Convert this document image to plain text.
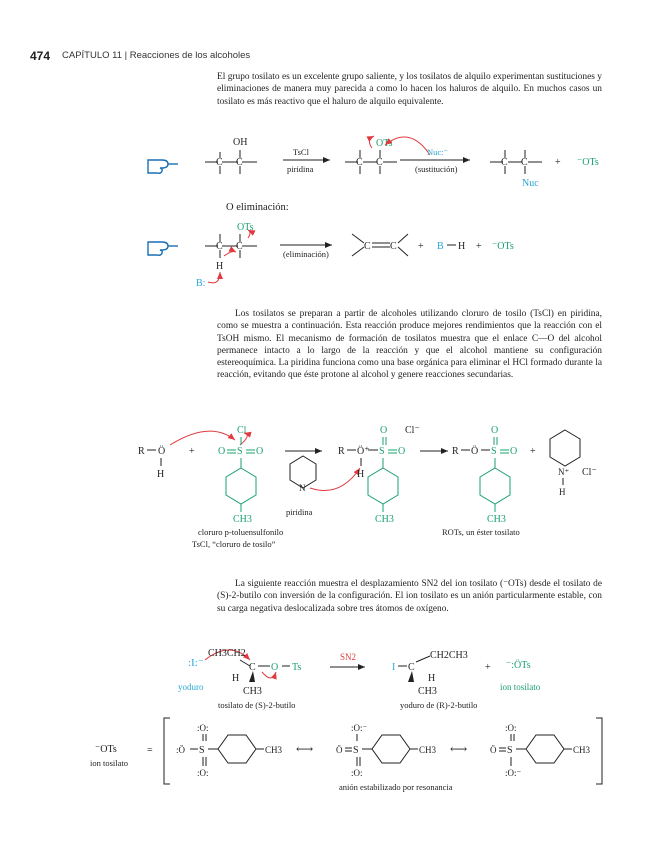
474 CAPÍTULO 11 | Reacciones de los alcoholes
El grupo tosilato es un excelente grupo saliente, y los tosilatos de alquilo experimentan sustituciones y eliminaciones de manera muy parecida a como lo hacen los haluros de alquilo. En muchos casos un tosilato es más reactivo que el haluro de alquilo equivalente.
Los tosilatos se preparan a partir de alcoholes utilizando cloruro de tosilo (TsCl) en piridina, como se muestra a continuación. Esta reacción produce mejores rendimientos que la reacción con el TsOH mismo. El mecanismo de formación de tosilatos muestra que el enlace C—O del alcohol permanece intacto a lo largo de la reacción y que el alcohol mantiene su configuración estereoquímica. La piridina funciona como una base orgánica para eliminar el HCl formado durante la reacción, evitando que éste protone al alcohol y genere reacciones secundarias.
La siguiente reacción muestra el desplazamiento SN2 del ion tosilato (⁻OTs) desde el tosilato de (S)-2-butilo con inversión de la configuración. El ion tosilato es un anión particularmente estable, con su carga negativa deslocalizada sobre tres átomos de oxígeno.
C C
OH
TsCl
piridina
C C
OTs
Nuc:⁻
(sustitución)
C C
Nuc
+ ⁻OTs
O eliminación:
C C
OTs
H
B:
(eliminación)
C C + B H + ⁻OTs
R Ö
H
+
Cl
O S O
CH3
cloruro p-toluensulfonilo
TsCl, “cloruro de tosilo”
N
piridina
R Ö⁺
H
O
S O
Cl⁻
CH3
R Ö
O
S O
CH3
ROTs, un éster tosilato
+
N⁺
H
Cl⁻
:I:⁻
yoduro
CH3CH2
C O Ts
H
CH3
tosilato de (S)-2-butilo
SN2
I C
CH2CH3
H
CH3
yoduro de (R)-2-butilo
+ ⁻:ÖTs
ion tosilato
⁻OTs
ion tosilato
=	:Ö S
:O:
:O:
CH3 ⟷	Ö S
:O:⁻
:O:
CH3 ⟷	Ö S
:O:
:O:⁻
CH3
anión estabilizado por resonancia
